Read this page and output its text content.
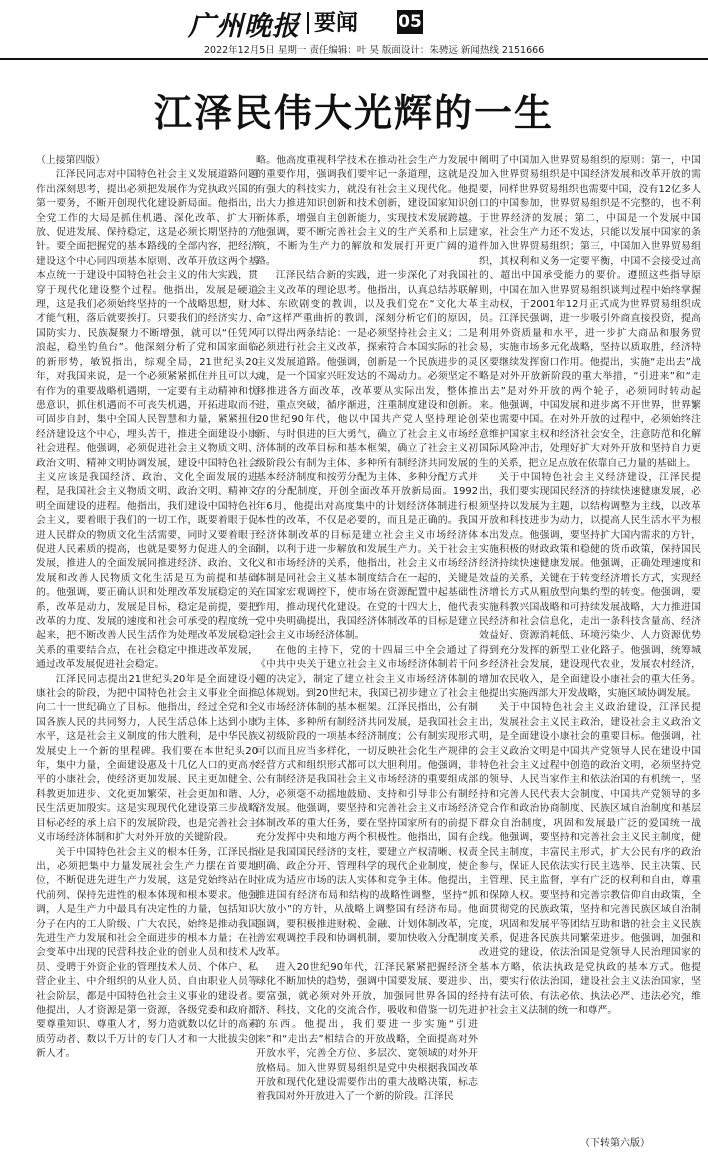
广州晚报 要闻 05
2022年12月5日 星期一 责任编辑：叶 昊 版面设计：朱骋远 新闻热线 2151666
江泽民伟大光辉的一生

（上接第四版）

江泽民同志对中国特色社会主义发展道路问题作出深刻思考，提出必须把发展作为党执政兴国的第一要务，不断开创现代化建设新局面。他指出，全党工作的大局是抓住机遇、深化改革、扩大开放、促进发展、保持稳定，这是必须长期坚持的方针。要全面把握党的基本路线的全部内容，把经济建设这个中心同四项基本原则、改革开放这两个基本点统一于建设中国特色社会主义的伟大实践，贯穿于现代化建设整个过程。他指出，发展是硬道理，这是我们必须始终坚持的一个战略思想，财大才能气粗，落后就要挨打。只要我们的经济实力、国防实力、民族凝聚力不断增强，就可以“任凭风浪起，稳坐钓鱼台”。他深刻分析了党和国家面临的新形势，敏锐指出，综观全局，21世纪头20年，对我国来说，是一个必须紧紧抓住并且可以大有作为的重要战略机遇期，一定要有主动精神和忧患意识，抓住机遇而不可丧失机遇，开拓进取而不可固步自封，集中全国人民智慧和力量，紧紧扭住经济建设这个中心，埋头苦干，推进全面建设小康社会进程。他强调，必须促进社会主义物质文明、政治文明、精神文明协调发展，建设中国特色社会主义应该是我国经济、政治、文化全面发展的进程，是我国社会主义物质文明、政治文明、精神文明全面建设的进程。他指出，我们建设中国特色社会主义，要着眼于我们的一切工作，既要着眼于促进人民群众的物质文化生活需要，同时又要着眼于促进人民素质的提高，也就是要努力促进人的全面发展，推进人的全面发展同推进经济、政治、文化发展和改善人民物质文化生活是互为前提和基础的。他强调，要正确认识和处理改革发展稳定的关系，改革是动力，发展是目标，稳定是前提，要把改革的力度、发展的速度和社会可承受的程度统一起来，把不断改善人民生活作为处理改革发展稳定关系的重要结合点，在社会稳定中推进改革发展，通过改革发展促进社会稳定。

江泽民同志提出21世纪头20年是全面建设小康社会的阶段，为把中国特色社会主义事业全面推向二十一世纪确立了目标。他指出，经过全党和全国各族人民的共同努力，人民生活总体上达到小康水平，这是社会主义制度的伟大胜利，是中华民族发展史上一个新的里程碑。我们要在本世纪头20年，集中力量，全面建设惠及十几亿人口的更高水平的小康社会，使经济更加发展、民主更加健全、科教更加进步、文化更加繁荣、社会更加和谐、人民生活更加殷实。这是实现现代化建设第三步战略目标必经的承上启下的发展阶段，也是完善社会主义市场经济体制和扩大对外开放的关键阶段。

关于中国特色社会主义的根本任务，江泽民指出，必须把集中力量发展社会生产力摆在首要地位，不断促进先进生产力发展，这是党始终站在时代前列、保持先进性的根本体现和根本要求。他强调，人是生产力中最具有决定性的力量，包括知识分子在内的工人阶级、广大农民，始终是推动我国先进生产力发展和社会全面进步的根本力量；在社会变革中出现的民营科技企业的创业人员和技术人员、受聘于外资企业的管理技术人员、个体户、私营企业主、中介组织的从业人员、自由职业人员等社会阶层，都是中国特色社会主义事业的建设者。他提出，人才资源是第一资源，各级党委和政府都要尊重知识、尊重人才，努力造就数以亿计的高素质劳动者、数以千万计的专门人才和一大批拔尖创新人才。

略。他高度重视科学技术在推动社会生产力发展中的重要作用，强调我们要牢记一条道理，这就是没有强大的科技实力，就没有社会主义现代化。他提出大力推进知识创新和技术创新，建设国家知识创新体系，增强自主创新能力，实现技术发展跨越。他强调，要不断完善社会主义的生产关系和上层建筑，不断为生产力的解放和发展打开更广阔的道路。

江泽民结合新的实践，进一步深化了对我国社会主义改革的理论思考。他指出，认真总结苏联解体、东欧剧变的教训，以及我们党在“文化大革命”这样严重曲折的教训，深刻分析它们的原因，可以得出两条结论：一是必须坚持社会主义；二是必须进行社会主义改革，探索符合本国实际的社会主义发展道路。他强调，创新是一个民族进步的灵魂，是一个国家兴旺发达的不竭动力。必须坚定不移推进各方面改革，改革要从实际出发，整体推进，重点突破，循序渐进，注重制度建设和创新。20世纪90年代，他以中国共产党人坚持理论创新、与时俱进的巨大勇气，确立了社会主义市场经济体制的改革目标和基本框架，确立了社会主义初级阶段公有制为主体、多种所有制经济共同发展的基本经济制度和按劳分配为主体、多种分配方式并存的分配制度，开创全面改革开放新局面。1992年6月，他提出对高度集中的计划经济体制进行根本性的改革，不仅是必要的，而且是正确的。我国经济体制改革的目标是建立社会主义市场经济体制，以利于进一步解放和发展生产力。关于社会主义和市场经济的关系，他指出，社会主义市场经济体制是同社会主义基本制度结合在一起的，关键是在国家宏观调控下，使市场在资源配置中起基础性作用，推动现代化建设。在党的十四大上，他代表党中央明确提出，我国经济体制改革的目标是建立社会主义市场经济体制。

在他的主持下，党的十四届三中全会通过了《中共中央关于建立社会主义市场经济体制若干问题的决定》，制定了建立社会主义市场经济体制的总体规划。到20世纪末，我国已初步建立了社会主义市场经济体制的基本框架。江泽民指出，公有制为主体、多种所有制经济共同发展，是我国社会主义初级阶段的一项基本经济制度；公有制实现形式可以而且应当多样化，一切反映社会化生产规律的经营方式和组织形式都可以大胆利用。他强调，非公有制经济是我国社会主义市场经济的重要组成部分，必须毫不动摇地鼓励、支持和引导非公有制经济发展。他强调，要坚持和完善社会主义市场经济体制改革的重大任务，要在坚持国家所有的前提下充分发挥中央和地方两个积极性。他指出，国有企业是我国国民经济的支柱，要建立产权清晰、权责明确、政企分开、管理科学的现代企业制度，使企业成为适应市场的法人实体和竞争主体。他提出，推进国有经济布局和结构的战略性调整，坚持“抓大放小”的方针，从战略上调整国有经济布局。他强调，要积极推进财税、金融、计划体制改革，完善宏观调控手段和协调机制，要加快收入分配制度改革。

进入20世纪90年代，江泽民紧紧把握经济全球化不断加快的趋势，强调中国要发展、要进步、要富强，就必须对外开放，加强同世界各国的经济、科技、文化的交流合作，吸收和借鉴一切先进的东西。他提出，我们要进一步实施“引进来”和“走出去”相结合的开放战略，全面提高对外开放水平，完善全方位、多层次、宽领域的对外开放格局。加入世界贸易组织是党中央根据我国改革开放和现代化建设需要作出的重大战略决策，标志着我国对外开放进入了一个新的阶段。江泽民

阐明了中国加入世界贸易组织的原则：第一，中国加入世界贸易组织是中国经济发展和改革开放的需要，同样世界贸易组织也需要中国，没有12亿多人口的中国参加，世界贸易组织是不完整的，也不利于世界经济的发展；第二，中国是一个发展中国家，社会生产力还不发达，只能以发展中国家的条件加入世界贸易组织；第三，中国加入世界贸易组织，其权利和义务一定要平衡，中国不会接受过高的、超出中国承受能力的要价。遵照这些指导原则，中国在加入世界贸易组织谈判过程中始终掌握主动权，于2001年12月正式成为世界贸易组织成员。江泽民强调，进一步吸引外商直接投资，提高利用外资质量和水平，进一步扩大商品和服务贸易，实施市场多元化战略，坚持以质取胜，经济特区要继续发挥窗口作用。他提出，实施“走出去”战略是对外开放新阶段的重大举措，“引进来”和“走出去”是对外开放的两个轮子，必须同时转动起来。他强调，中国发展和进步离不开世界，世界繁荣也需要中国。在对外开放的过程中，必须始终注意维护国家主权和经济社会安全，注意防范和化解国际风险冲击，处理好扩大对外开放和坚持自力更生的关系，把立足点放在依靠自己力量的基础上。

关于中国特色社会主义经济建设，江泽民提出，我们要实现国民经济的持续快速健康发展，必须坚持以发展为主题，以结构调整为主线，以改革开放和科技进步为动力，以提高人民生活水平为根本出发点。他强调，要坚持扩大国内需求的方针，实施积极的财政政策和稳健的货币政策，保持国民经济持续快速健康发展。他强调，正确处理速度和效益的关系，关键在于转变经济增长方式，实现经济增长方式从粗放型向集约型的转变。他强调，要实施科教兴国战略和可持续发展战略，大力推进国民经济和社会信息化，走出一条科技含量高、经济效益好、资源消耗低、环境污染少、人力资源优势得到充分发挥的新型工业化路子。他强调，统筹城乡经济社会发展，建设现代农业，发展农村经济，增加农民收入，是全面建设小康社会的重大任务。他提出实施西部大开发战略，实施区域协调发展。

关于中国特色社会主义政治建设，江泽民提出，发展社会主义民主政治，建设社会主义政治文明，是全面建设小康社会的重要目标。他强调，社会主义政治文明是中国共产党领导人民在建设中国特色社会主义过程中创造的政治文明，必须坚持党的领导、人民当家作主和依法治国的有机统一，坚持和完善人民代表大会制度、中国共产党领导的多党合作和政治协商制度、民族区域自治制度和基层群众自治制度，巩固和发展最广泛的爱国统一战线。他强调，要坚持和完善社会主义民主制度，健全民主制度，丰富民主形式，扩大公民有序的政治参与，保证人民依法实行民主选举、民主决策、民主管理、民主监督，享有广泛的权利和自由，尊重和保障人权。要坚持和完善宗教信仰自由政策，全面贯彻党的民族政策，坚持和完善民族区域自治制度，巩固和发展平等团结互助和谐的社会主义民族关系，促进各民族共同繁荣进步。他强调，加强和改进党的建设，依法治国是党领导人民治理国家的基本方略，依法执政是党执政的基本方式。他提出，要实行依法治国，建设社会主义法治国家，坚持有法可依、有法必依、执法必严、违法必究，维护社会主义法制的统一和尊严。

（下转第六版）
